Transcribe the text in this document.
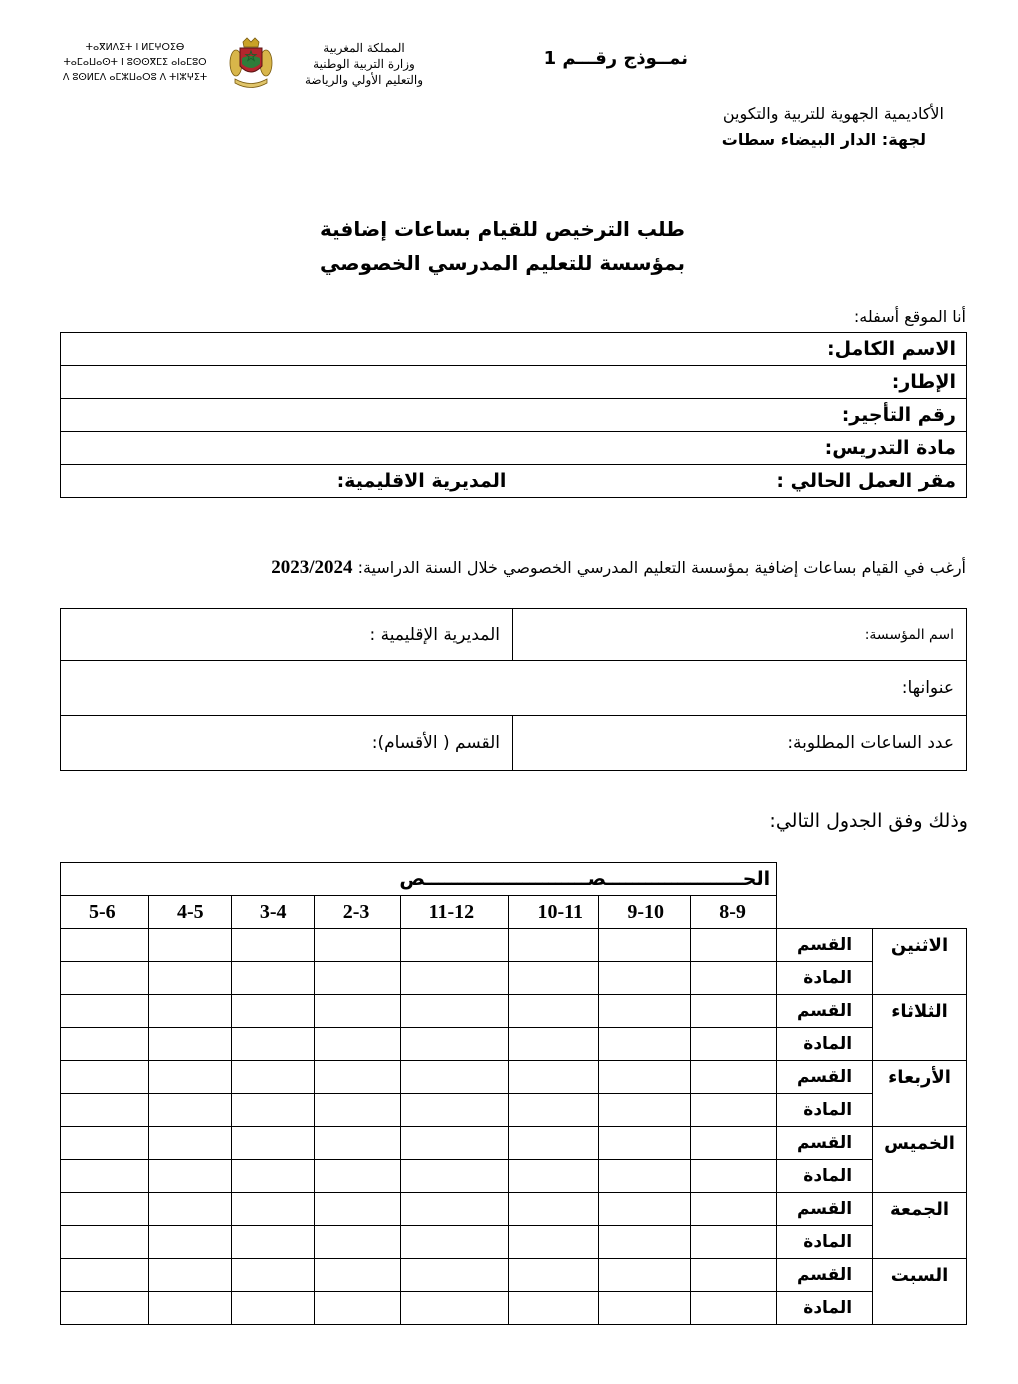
ⵜⴰⴳⵍⴷⵉⵜ ⵏ ⵍⵎⵖⵔⵉⴱ
ⵜⴰⵎⴰⵡⴰⵙⵜ ⵏ ⵓⵙⵙⴳⵎⵉ ⴰⵏⴰⵎⵓⵔ
ⴷ ⵓⵙⵍⵎⴷ ⴰⵎⵣⵡⴰⵔⵓ ⴷ ⵜⵏⵣⵖⵉⵜ
المملكة المغربية
وزارة التربية الوطنية
والتعليم الأولي والرياضة
نمــوذج رقـــم 1
الأكاديمية الجهوية للتربية والتكوين
لجهة: الدار البيضاء سطات
طلب الترخيص للقيام بساعات إضافية
بمؤسسة للتعليم المدرسي الخصوصي
أنا الموقع أسفله:
الاسم الكامل:
الإطار:
رقم التأجير:
مادة التدريس:

مقر العمل الحالي :
المديرية الاقليمية:
أرغب في القيام بساعات إضافية بمؤسسة التعليم المدرسي الخصوصي خلال السنة الدراسية: 2023/2024
اسم المؤسسة:	المديرية الإقليمية :
عنوانها:	
عدد الساعات المطلوبة:	القسم ( الأقسام):
وذلك وفق الجدول التالي:
		الحـــــــــــــــــــــصـــــــــــــــــــــــــص							
		8-9	9-10	10-11	11-12	2-3	3-4	4-5	5-6
الاثنين	القسم								
	المادة								
الثلاثاء	القسم								
	المادة								
الأربعاء	القسم								
	المادة								
الخميس	القسم								
	المادة								
الجمعة	القسم								
	المادة								
السبت	القسم								
	المادة								
